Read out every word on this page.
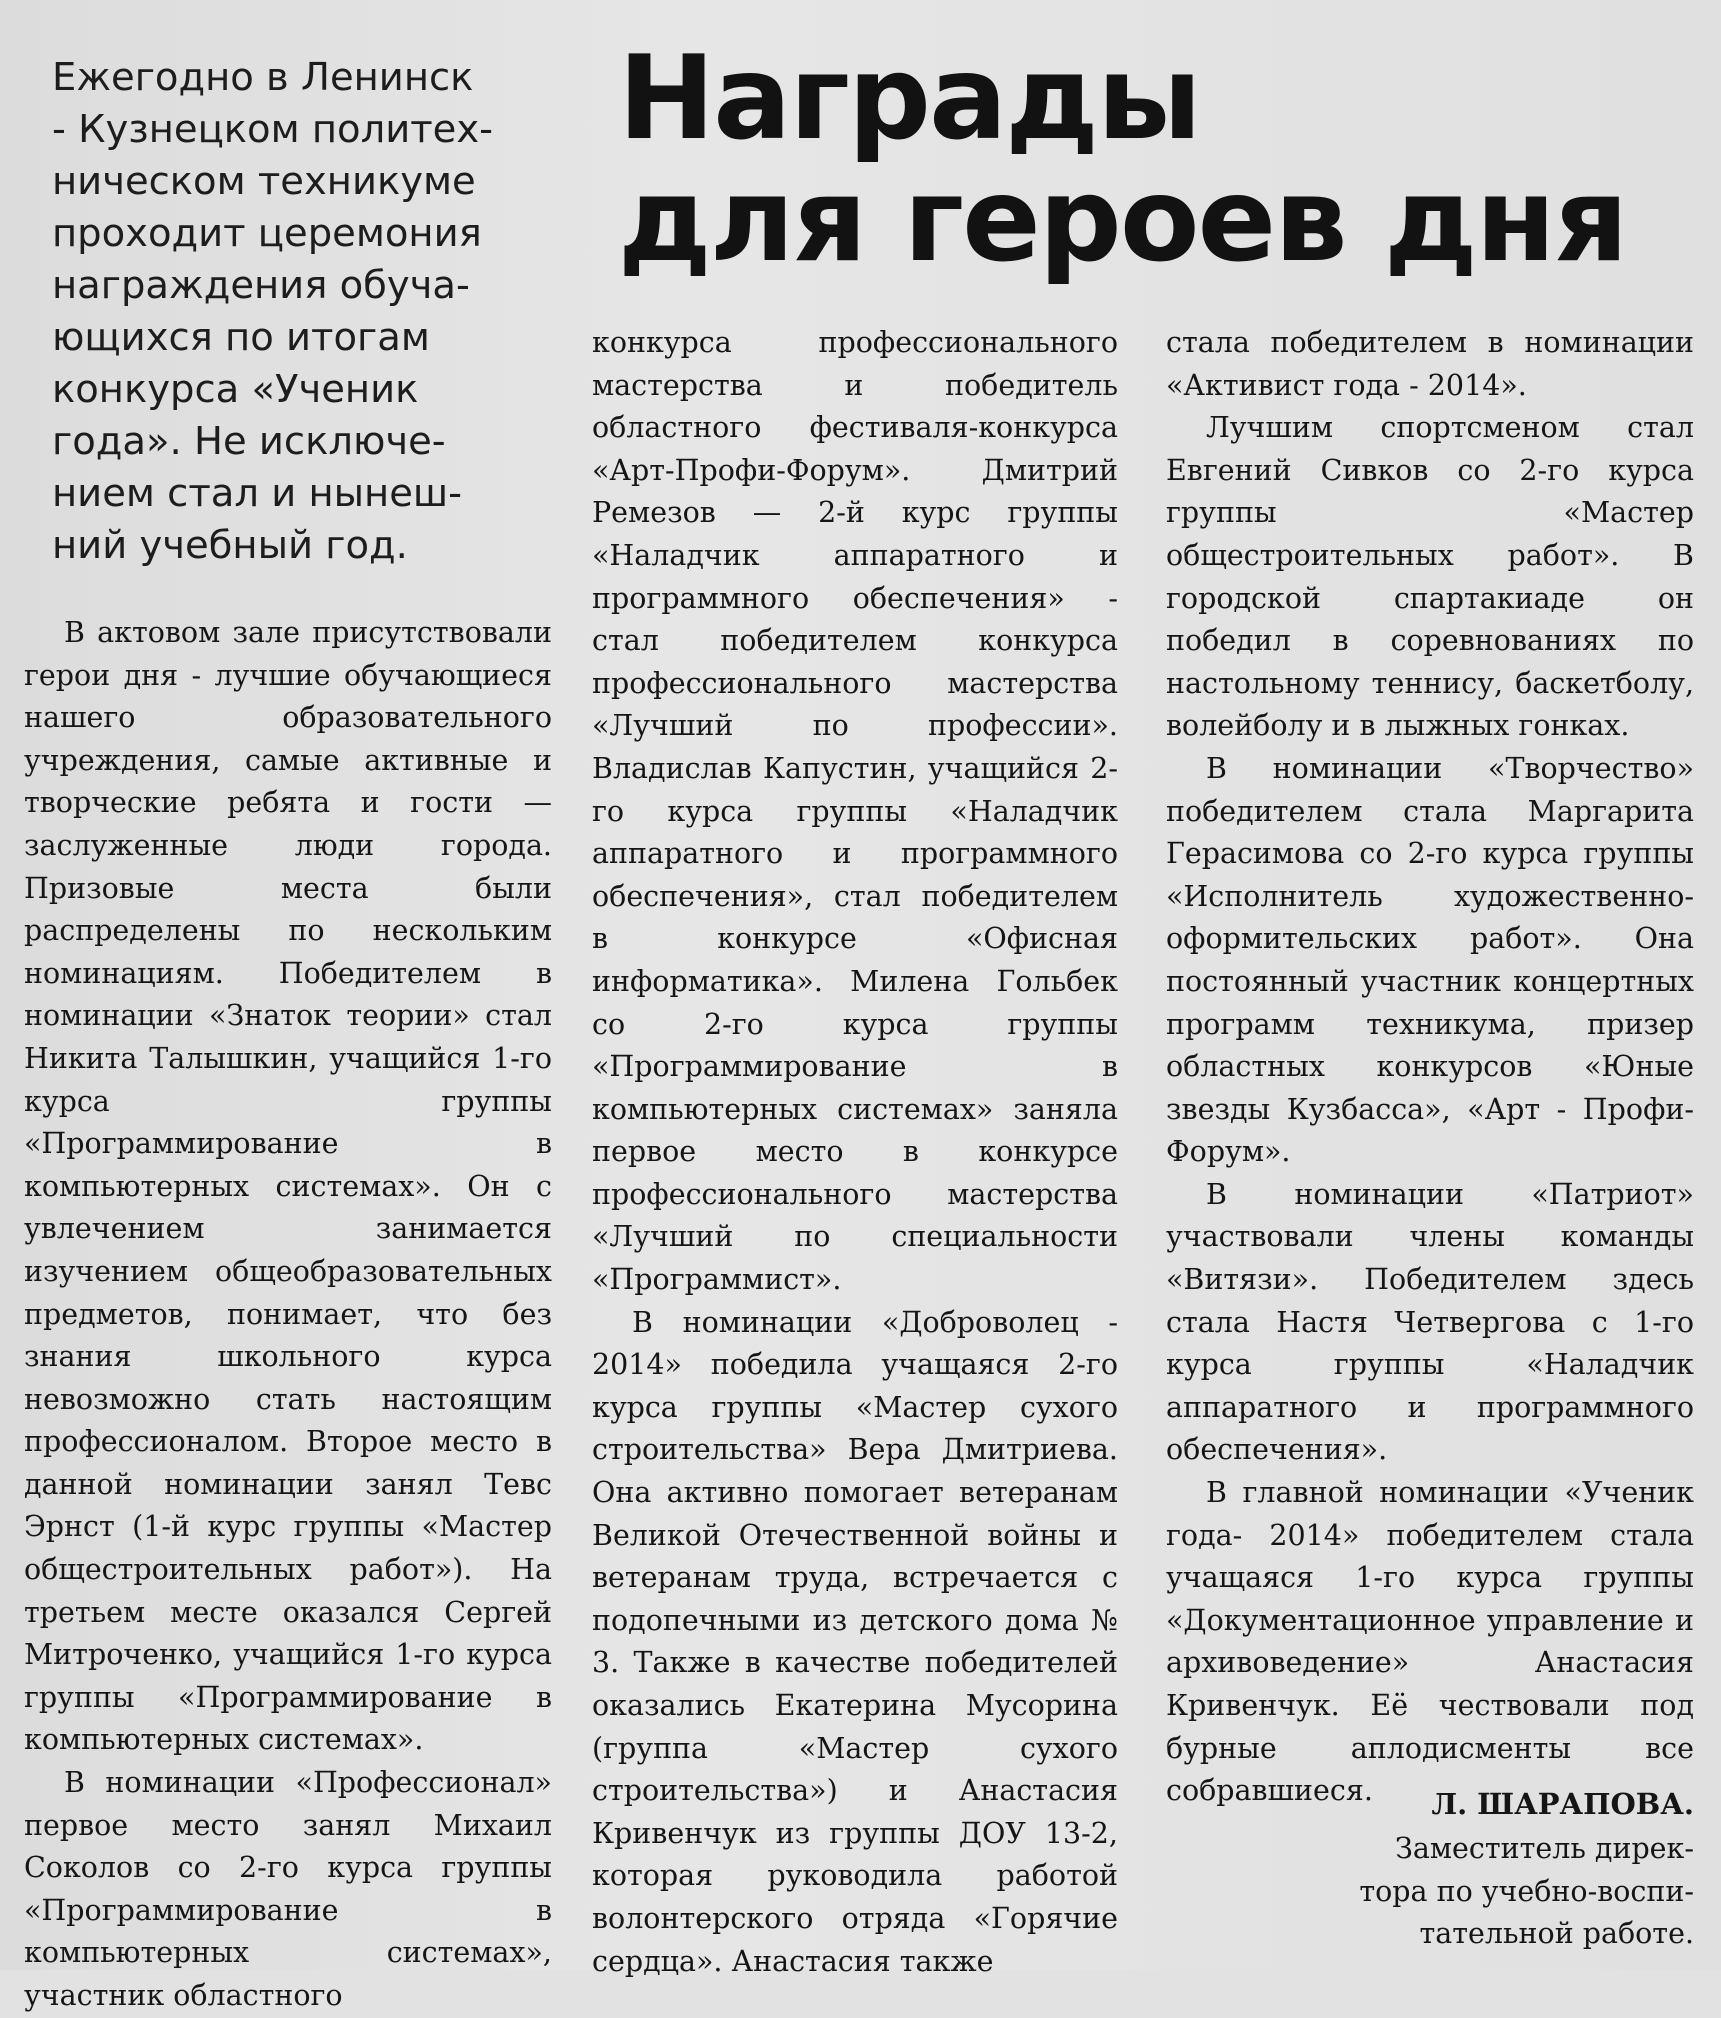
Ежегодно в Ленинск
- Кузнецком политех-
ническом техникуме
проходит церемония
награждения обуча-
ющихся по итогам
конкурса «Ученик
года». Не исключе-
нием стал и нынеш-
ний учебный год.
Награды
для героев дня

В актовом зале присутствовали герои дня - лучшие обучающиеся нашего образовательного учреждения, самые активные и творческие ребята и гости — заслуженные люди города. Призовые места были распределены по нескольким номинациям. Победителем в номинации «Знаток теории» стал Никита Талышкин, учащийся 1-го курса группы «Программирование в компьютерных системах». Он с увлечением занимается изучением общеобразовательных предметов, понимает, что без знания школьного курса невозможно стать настоящим профессионалом. Второе место в данной номинации занял Тевс Эрнст (1-й курс группы «Мастер общестроительных работ»). На третьем месте оказался Сергей Митроченко, учащийся 1-го курса группы «Программирование в компьютерных системах».

В номинации «Профессионал» первое место занял Михаил Соколов со 2-го курса группы «Программирование в компьютерных системах», участник областного

конкурса профессионального мастерства и победитель областного фестиваля-конкурса «Арт-Профи-Форум». Дмитрий Ремезов — 2-й курс группы «Наладчик аппаратного и программного обеспечения» - стал победителем конкурса профессионального мастерства «Лучший по профессии». Владислав Капустин, учащийся 2-го курса группы «Наладчик аппаратного и программного обеспечения», стал победителем в конкурсе «Офисная информатика». Милена Гольбек со 2-го курса группы «Программирование в компьютерных системах» заняла первое место в конкурсе профессионального мастерства «Лучший по специальности «Программист».

В номинации «Доброволец - 2014» победила учащаяся 2-го курса группы «Мастер сухого строительства» Вера Дмитриева. Она активно помогает ветеранам Великой Отечественной войны и ветеранам труда, встречается с подопечными из детского дома № 3. Также в качестве победителей оказались Екатерина Мусорина (группа «Мастер сухого строительства») и Анастасия Кривенчук из группы ДОУ 13-2, которая руководила работой волонтерского отряда «Горячие сердца». Анастасия также

стала победителем в номинации «Активист года - 2014».

Лучшим спортсменом стал Евгений Сивков со 2-го курса группы «Мастер общестроительных работ». В городской спартакиаде он победил в соревнованиях по настольному теннису, баскетболу, волейболу и в лыжных гонках.

В номинации «Творчество» победителем стала Маргарита Герасимова со 2-го курса группы «Исполнитель художественно-оформительских работ». Она постоянный участник концертных программ техникума, призер областных конкурсов «Юные звезды Кузбасса», «Арт - Профи- Форум».

В номинации «Патриот» участвовали члены команды «Витязи». Победителем здесь стала Настя Четвергова с 1-го курса группы «Наладчик аппаратного и программного обеспечения».

В главной номинации «Ученик года- 2014» победителем стала учащаяся 1-го курса группы «Документационное управление и архивоведение» Анастасия Кривенчук. Её чествовали под бурные аплодисменты все собравшиеся.	Л. ШАРАПОВА.
Заместитель дирек-
тора по учебно-воспи-
тательной работе.
